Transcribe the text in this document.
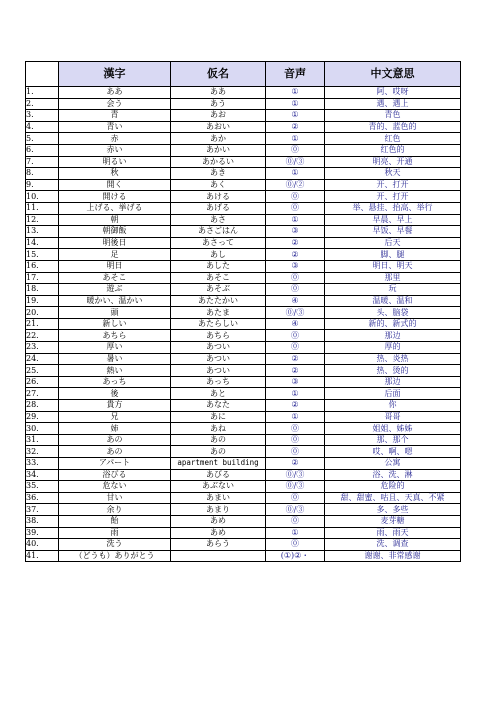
	漢字	仮名	音声	中文意思
1.	ああ	ああ	①	阿、哎呀
2.	会う	あう	①	遇、遇上
3.	青	あお	①	青色
4.	青い	あおい	②	青的、蓝色的
5.	赤	あか	①	红色
6.	赤い	あかい	⓪	红色的
7.	明るい	あかるい	⓪/③	明亮、开通
8.	秋	あき	①	秋天
9.	開く	あく	⓪/②	开、打开
10.	開ける	あける	⓪	开、打开
11.	上げる、挙げる	あげる	⓪	举、悬挂、抬高、举行
12.	朝	あさ	①	早晨、早上
13.	朝御飯	あさごはん	③	早饭、早餐
14.	明後日	あさって	②	后天
15.	足	あし	②	脚、腿
16.	明日	あした	③	明日、明天
17.	あそこ	あそこ	⓪	那里
18.	遊ぶ	あそぶ	⓪	玩
19.	暖かい、温かい	あたたかい	④	温暖、温和
20.	頭	あたま	⓪/③	头、脑袋
21.	新しい	あたらしい	④	新的、新式的
22.	あちら	あちら	⓪	那边
23.	厚い	あつい	⓪	厚的
24.	暑い	あつい	②	热、炎热
25.	熱い	あつい	②	热、烫的
26.	あっち	あっち	③	那边
27.	後	あと	①	后面
28.	貴方	あなた	②	你
29.	兄	あに	①	哥哥
30.	姉	あね	⓪	姐姐、姊姊
31.	あの	あの	⓪	那、那个
32.	あの	あの	⓪	哎、啊、嗯
33.	アパート	apartment building	②	公寓
34.	浴びる	あびる	⓪/③	浴、洗、淋
35.	危ない	あぶない	⓪/③	危险的
36.	甘い	あまい	⓪	甜、甜蜜、咕且、天真、不紧
37.	余り	あまり	⓪/③	多、多些
38.	飴	あめ	⓪	麦芽糖
39.	雨	あめ	①	雨、雨天
40.	洗う	あらう	⓪	洗、调查
41.	（どうも）ありがとう		(①)②・	谢谢、非常感谢
